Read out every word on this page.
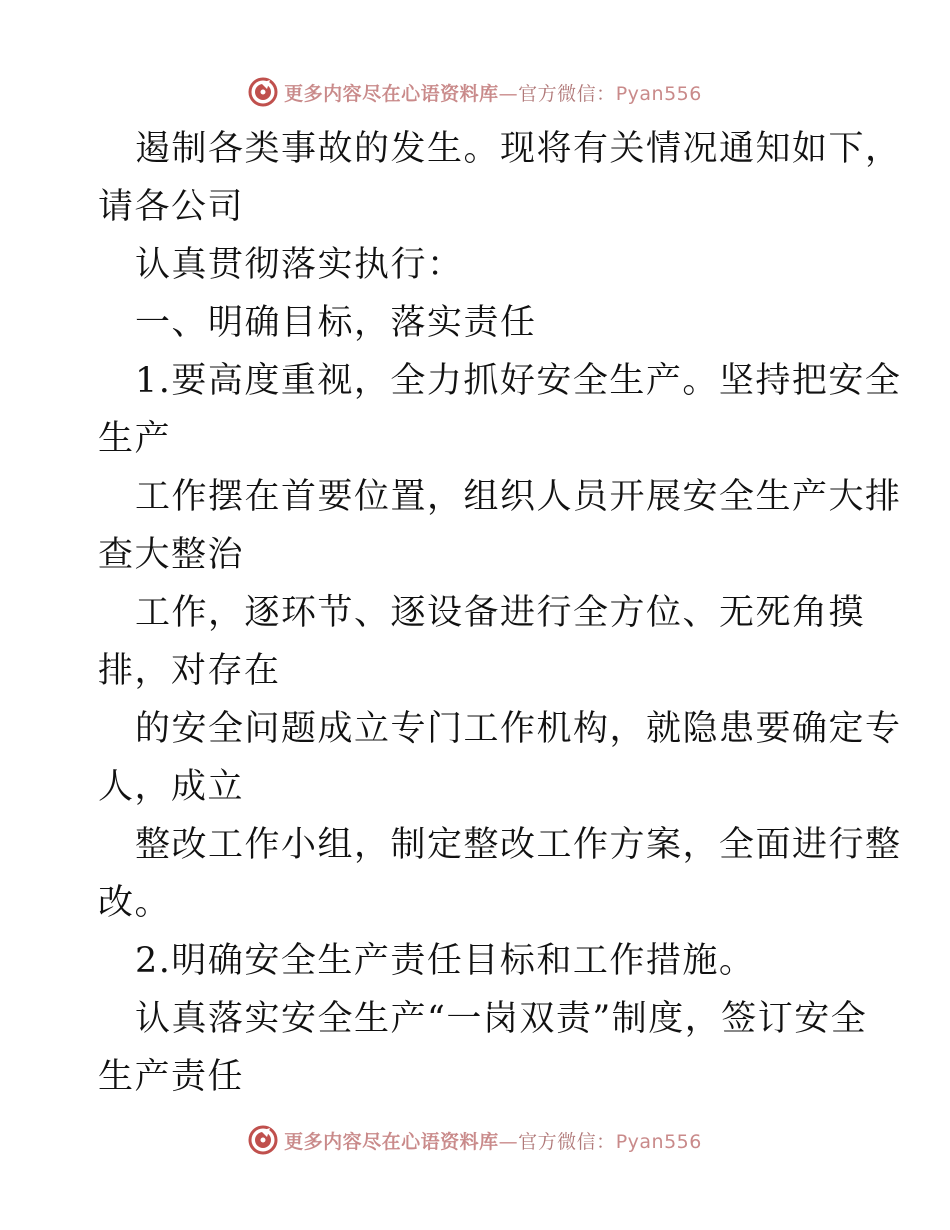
更多内容尽在心语资料库—官方微信：Pyan556
遏制各类事故的发生。现将有关情况通知如下，
请各公司
认真贯彻落实执行：
一、明确目标，落实责任
1.要高度重视，全力抓好安全生产。坚持把安全
生产
工作摆在首要位置，组织人员开展安全生产大排
查大整治
工作，逐环节、逐设备进行全方位、无死角摸
排，对存在
的安全问题成立专门工作机构，就隐患要确定专
人，成立
整改工作小组，制定整改工作方案，全面进行整
改。
2.明确安全生产责任目标和工作措施。
认真落实安全生产“一岗双责”制度，签订安全
生产责任
更多内容尽在心语资料库—官方微信：Pyan556
